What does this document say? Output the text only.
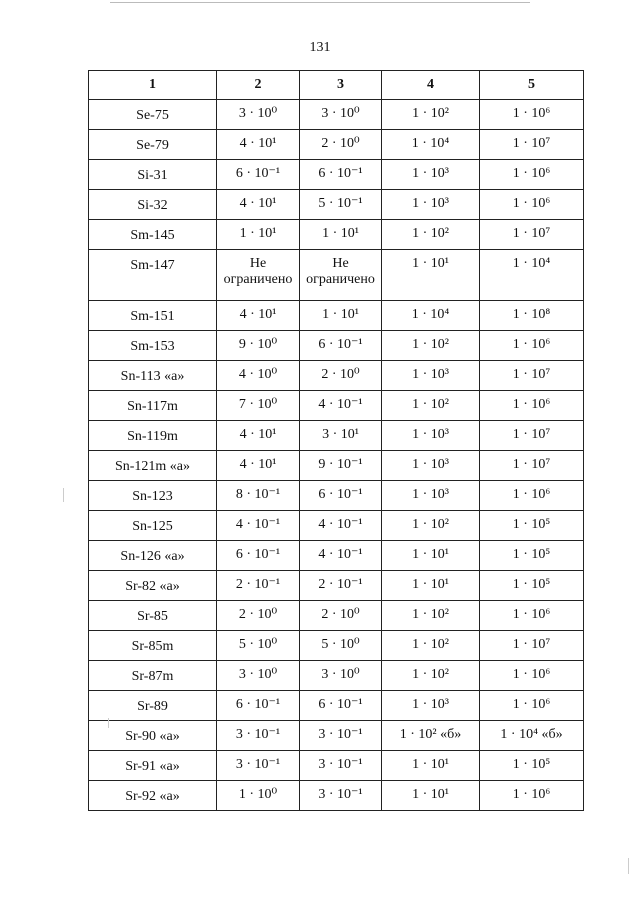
131
1	2	3	4	5
Se-75	3 · 10⁰	3 · 10⁰	1 · 10²	1 · 10⁶
Se-79	4 · 10¹	2 · 10⁰	1 · 10⁴	1 · 10⁷
Si-31	6 · 10⁻¹	6 · 10⁻¹	1 · 10³	1 · 10⁶
Si-32	4 · 10¹	5 · 10⁻¹	1 · 10³	1 · 10⁶
Sm-145	1 · 10¹	1 · 10¹	1 · 10²	1 · 10⁷
Sm-147	Не ограничено	Не ограничено	1 · 10¹	1 · 10⁴
Sm-151	4 · 10¹	1 · 10¹	1 · 10⁴	1 · 10⁸
Sm-153	9 · 10⁰	6 · 10⁻¹	1 · 10²	1 · 10⁶
Sn-113 «а»	4 · 10⁰	2 · 10⁰	1 · 10³	1 · 10⁷
Sn-117m	7 · 10⁰	4 · 10⁻¹	1 · 10²	1 · 10⁶
Sn-119m	4 · 10¹	3 · 10¹	1 · 10³	1 · 10⁷
Sn-121m «а»	4 · 10¹	9 · 10⁻¹	1 · 10³	1 · 10⁷
Sn-123	8 · 10⁻¹	6 · 10⁻¹	1 · 10³	1 · 10⁶
Sn-125	4 · 10⁻¹	4 · 10⁻¹	1 · 10²	1 · 10⁵
Sn-126 «а»	6 · 10⁻¹	4 · 10⁻¹	1 · 10¹	1 · 10⁵
Sr-82 «а»	2 · 10⁻¹	2 · 10⁻¹	1 · 10¹	1 · 10⁵
Sr-85	2 · 10⁰	2 · 10⁰	1 · 10²	1 · 10⁶
Sr-85m	5 · 10⁰	5 · 10⁰	1 · 10²	1 · 10⁷
Sr-87m	3 · 10⁰	3 · 10⁰	1 · 10²	1 · 10⁶
Sr-89	6 · 10⁻¹	6 · 10⁻¹	1 · 10³	1 · 10⁶
Sr-90 «а»	3 · 10⁻¹	3 · 10⁻¹	1 · 10² «б»	1 · 10⁴ «б»
Sr-91 «а»	3 · 10⁻¹	3 · 10⁻¹	1 · 10¹	1 · 10⁵
Sr-92 «а»	1 · 10⁰	3 · 10⁻¹	1 · 10¹	1 · 10⁶
